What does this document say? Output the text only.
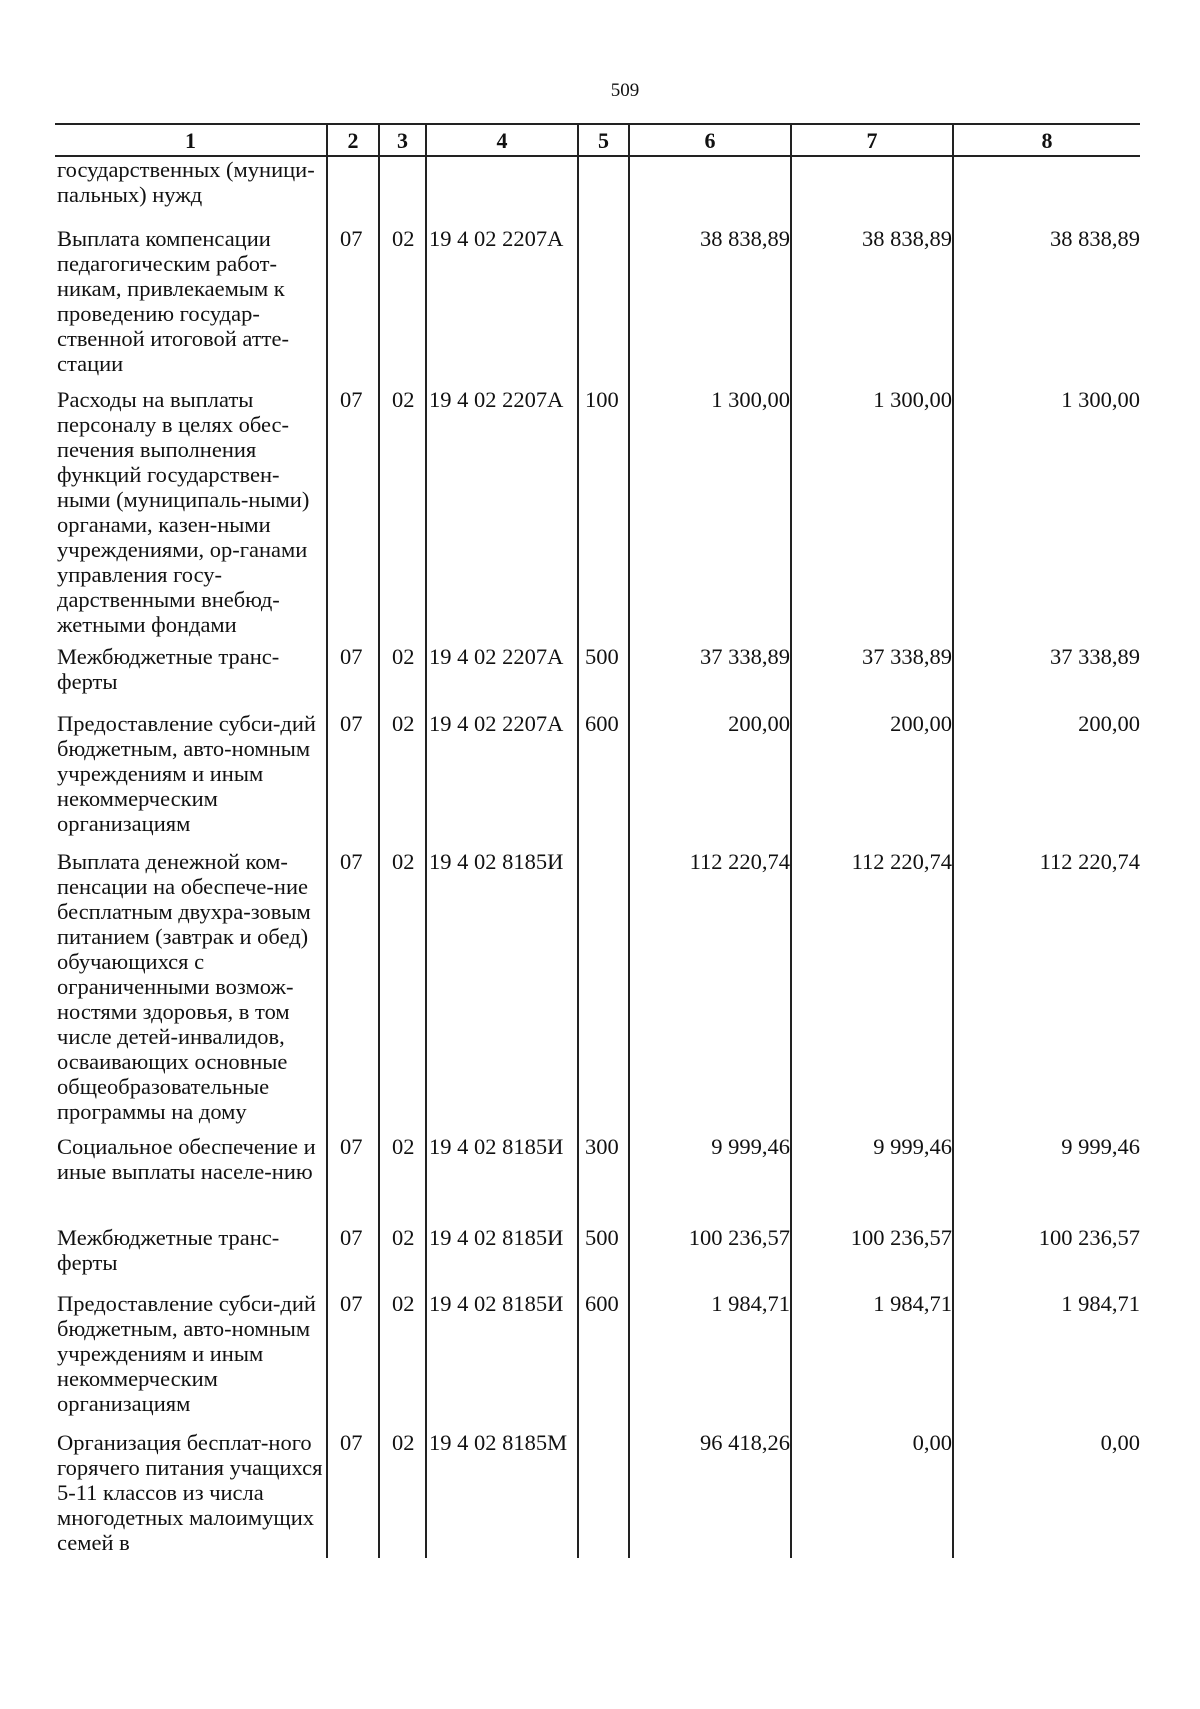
509
1	2	3	4	5	6	7	8
государственных (муници-пальных) нужд							
Выплата компенсации педагогическим работ-никам, привлекаемым к проведению государ-ственной итоговой атте-стации	07	02	19 4 02 2207А		38 838,89	38 838,89	38 838,89
Расходы на выплаты персоналу в целях обес-печения выполнения функций государствен-ными (муниципаль-ными) органами, казен-ными учреждениями, ор-ганами управления госу-дарственными внебюд-жетными фондами	07	02	19 4 02 2207А	100	1 300,00	1 300,00	1 300,00
Межбюджетные транс-ферты	07	02	19 4 02 2207А	500	37 338,89	37 338,89	37 338,89
Предоставление субси-дий бюджетным, авто-номным учреждениям и иным некоммерческим организациям	07	02	19 4 02 2207А	600	200,00	200,00	200,00
Выплата денежной ком-пенсации на обеспече-ние бесплатным двухра-зовым питанием (завтрак и обед) обучающихся с ограниченными возмож-ностями здоровья, в том числе детей-инвалидов, осваивающих основные общеобразовательные программы на дому	07	02	19 4 02 8185И		112 220,74	112 220,74	112 220,74
Социальное обеспечение и иные выплаты населе-нию	07	02	19 4 02 8185И	300	9 999,46	9 999,46	9 999,46
Межбюджетные транс-ферты	07	02	19 4 02 8185И	500	100 236,57	100 236,57	100 236,57
Предоставление субси-дий бюджетным, авто-номным учреждениям и иным некоммерческим организациям	07	02	19 4 02 8185И	600	1 984,71	1 984,71	1 984,71
Организация бесплат-ного горячего питания учащихся 5-11 классов из числа многодетных малоимущих семей в	07	02	19 4 02 8185М		96 418,26	0,00	0,00
